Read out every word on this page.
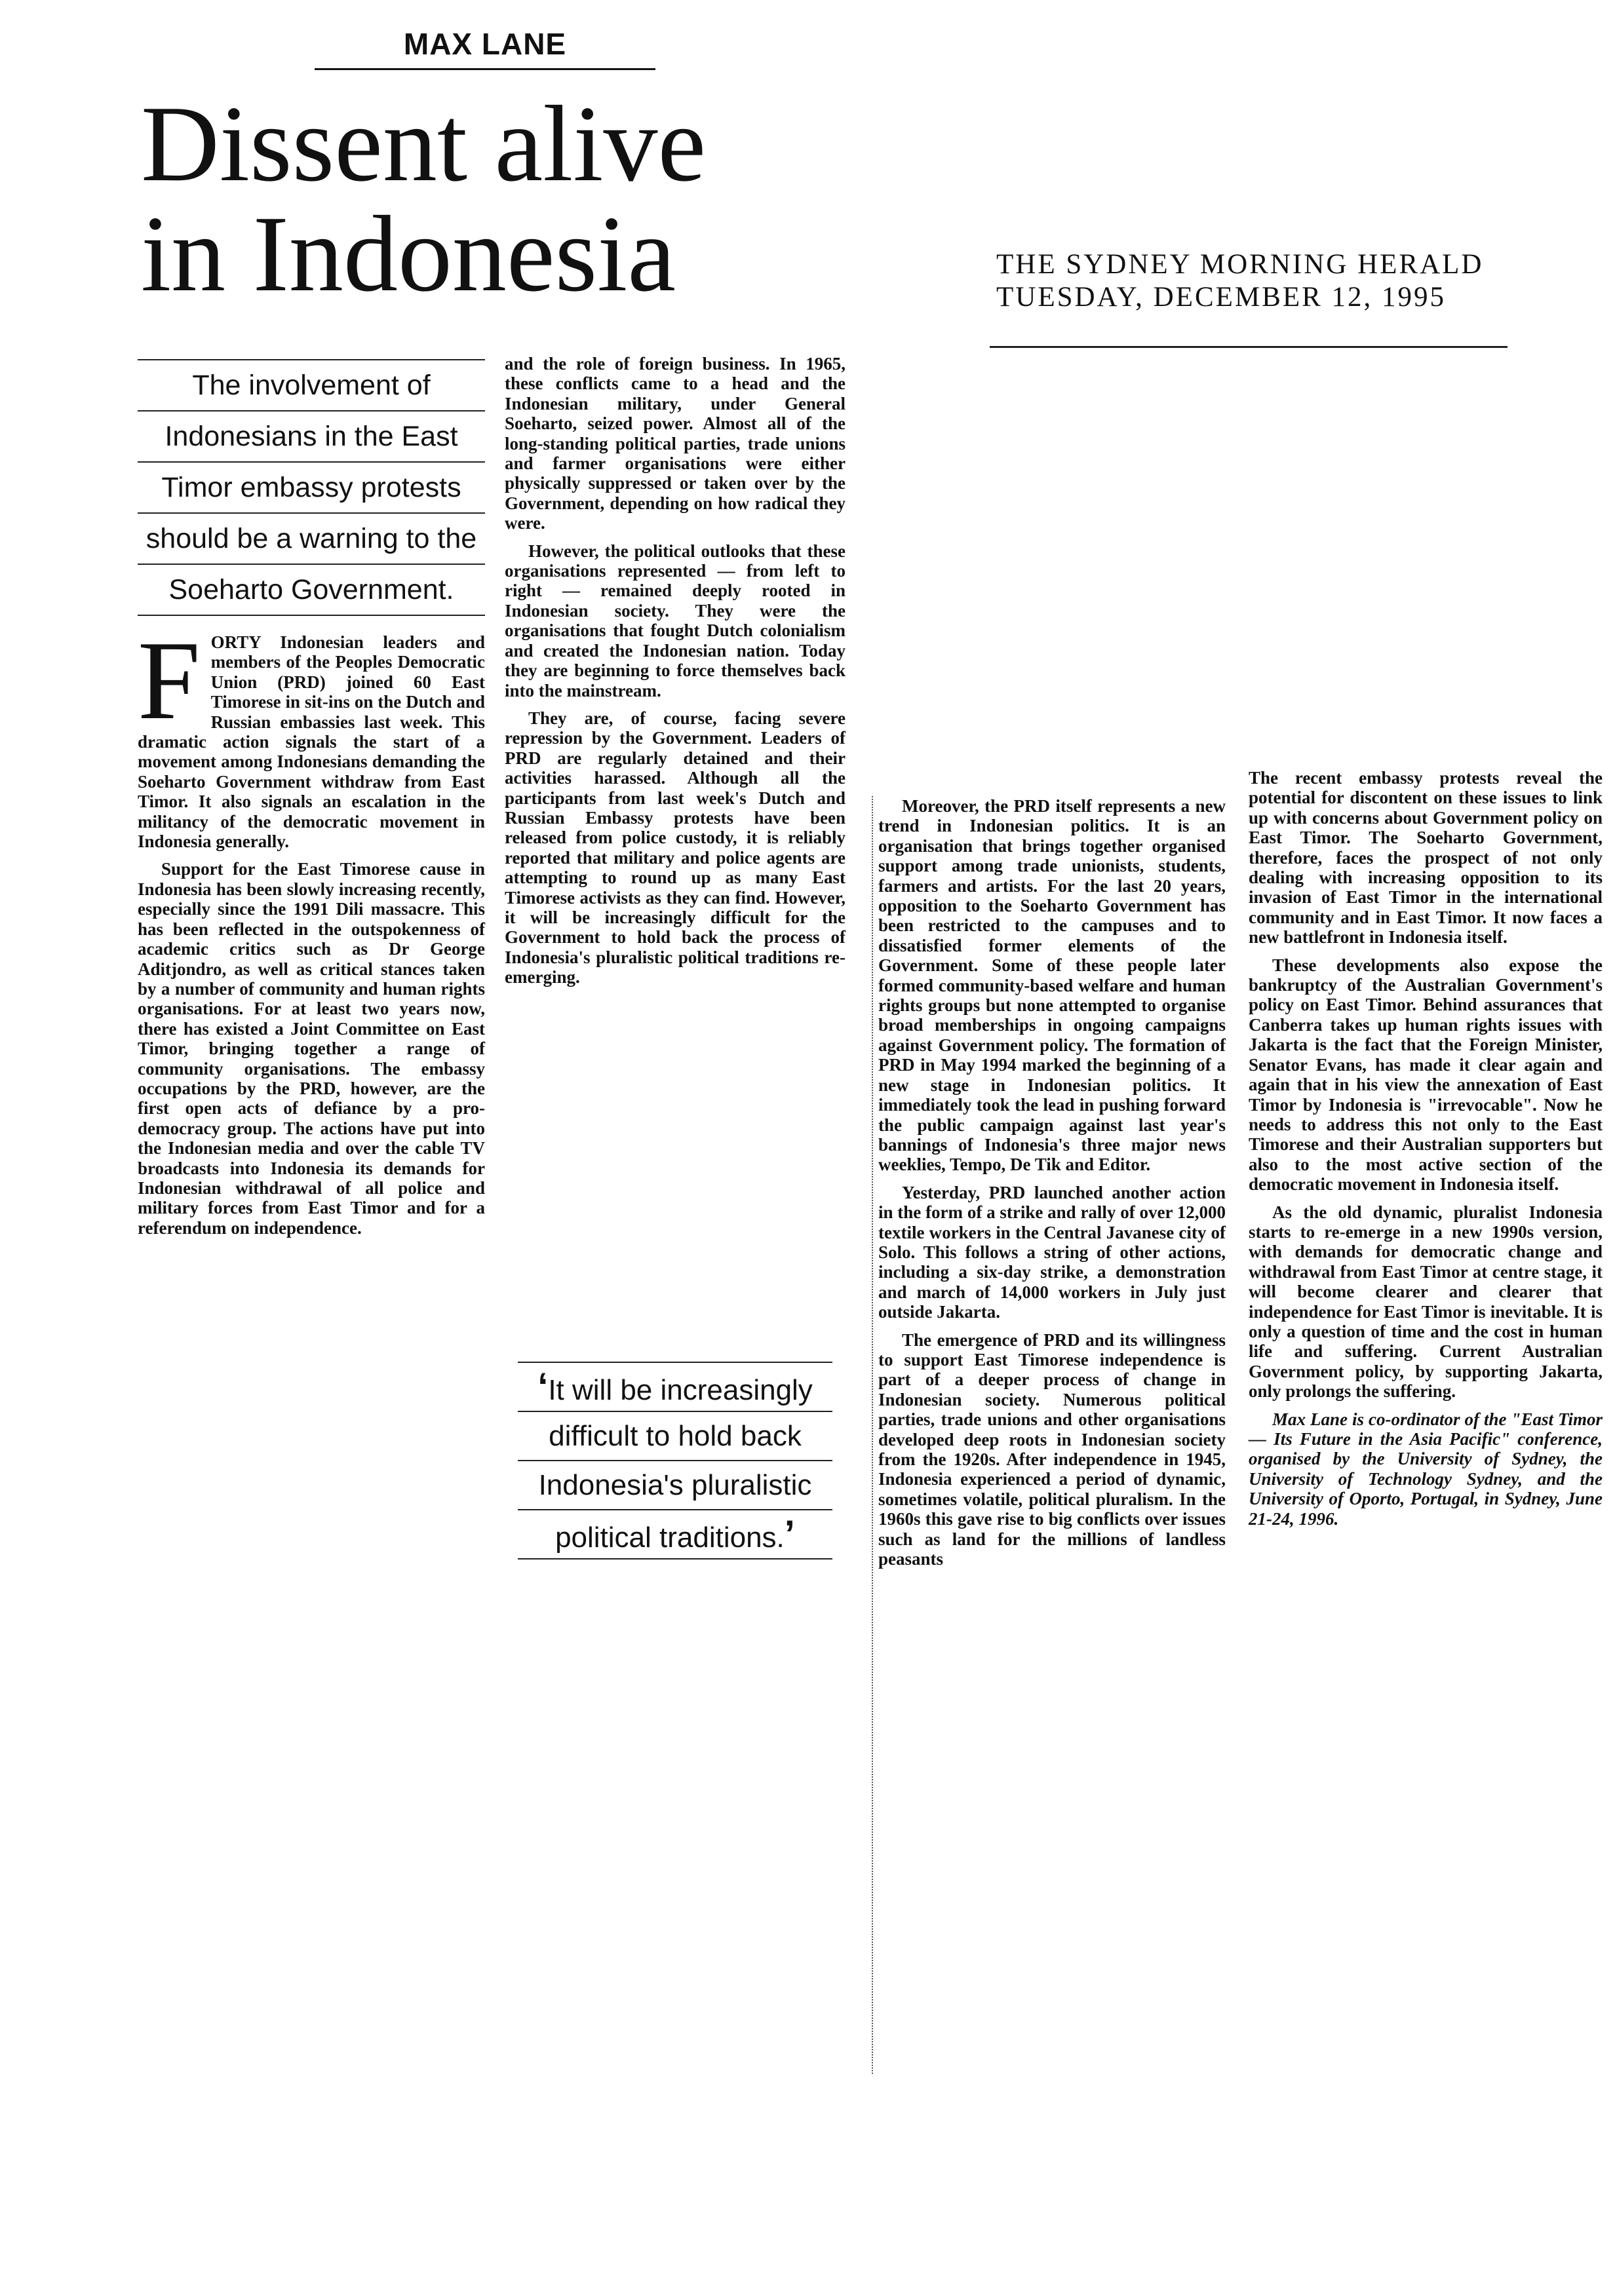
MAX LANE
Dissent alive
in Indonesia	THE SYDNEY MORNING HERALD
TUESDAY, DECEMBER 12, 1995
The involvement of
Indonesians in the East
Timor embassy protests
should be a warning to the
Soeharto Government.

FORTY Indonesian leaders and members of the Peoples Democratic Union (PRD) joined 60 East Timorese in sit-ins on the Dutch and Russian embassies last week. This dramatic action signals the start of a movement among Indonesians demanding the Soeharto Government withdraw from East Timor. It also signals an escalation in the militancy of the democratic movement in Indonesia generally.

Support for the East Timorese cause in Indonesia has been slowly increasing recently, especially since the 1991 Dili massacre. This has been reflected in the outspokenness of academic critics such as Dr George Aditjondro, as well as critical stances taken by a number of community and human rights organisations. For at least two years now, there has existed a Joint Committee on East Timor, bringing together a range of community organisations. The embassy occupations by the PRD, however, are the first open acts of defiance by a pro-democracy group. The actions have put into the Indonesian media and over the cable TV broadcasts into Indonesia its demands for Indonesian withdrawal of all police and military forces from East Timor and for a referendum on independence.

and the role of foreign business. In 1965, these conflicts came to a head and the Indonesian military, under General Soeharto, seized power. Almost all of the long-standing political parties, trade unions and farmer organisations were either physically suppressed or taken over by the Government, depending on how radical they were.

However, the political outlooks that these organisations represented — from left to right — remained deeply rooted in Indonesian society. They were the organisations that fought Dutch colonialism and created the Indonesian nation. Today they are beginning to force themselves back into the mainstream.

They are, of course, facing severe repression by the Government. Leaders of PRD are regularly detained and their activities harassed. Although all the participants from last week's Dutch and Russian Embassy protests have been released from police custody, it is reliably reported that military and police agents are attempting to round up as many East Timorese activists as they can find. However, it will be increasingly difficult for the Government to hold back the process of Indonesia's pluralistic political traditions re-emerging.

‘It will be increasingly
difficult to hold back
Indonesia's pluralistic
political traditions.’

Moreover, the PRD itself represents a new trend in Indonesian politics. It is an organisation that brings together organised support among trade unionists, students, farmers and artists. For the last 20 years, opposition to the Soeharto Government has been restricted to the campuses and to dissatisfied former elements of the Government. Some of these people later formed community-based welfare and human rights groups but none attempted to organise broad memberships in ongoing campaigns against Government policy. The formation of PRD in May 1994 marked the beginning of a new stage in Indonesian politics. It immediately took the lead in pushing forward the public campaign against last year's bannings of Indonesia's three major news weeklies, Tempo, De Tik and Editor.

Yesterday, PRD launched another action in the form of a strike and rally of over 12,000 textile workers in the Central Javanese city of Solo. This follows a string of other actions, including a six-day strike, a demonstration and march of 14,000 workers in July just outside Jakarta.

The emergence of PRD and its willingness to support East Timorese independence is part of a deeper process of change in Indonesian society. Numerous political parties, trade unions and other organisations developed deep roots in Indonesian society from the 1920s. After independence in 1945, Indonesia experienced a period of dynamic, sometimes volatile, political pluralism. In the 1960s this gave rise to big conflicts over issues such as land for the millions of landless peasants

The recent embassy protests reveal the potential for discontent on these issues to link up with concerns about Government policy on East Timor. The Soeharto Government, therefore, faces the prospect of not only dealing with increasing opposition to its invasion of East Timor in the international community and in East Timor. It now faces a new battlefront in Indonesia itself.

These developments also expose the bankruptcy of the Australian Government's policy on East Timor. Behind assurances that Canberra takes up human rights issues with Jakarta is the fact that the Foreign Minister, Senator Evans, has made it clear again and again that in his view the annexation of East Timor by Indonesia is "irrevocable". Now he needs to address this not only to the East Timorese and their Australian supporters but also to the most active section of the democratic movement in Indonesia itself.

As the old dynamic, pluralist Indonesia starts to re-emerge in a new 1990s version, with demands for democratic change and withdrawal from East Timor at centre stage, it will become clearer and clearer that independence for East Timor is inevitable. It is only a question of time and the cost in human life and suffering. Current Australian Government policy, by supporting Jakarta, only prolongs the suffering.

Max Lane is co-ordinator of the "East Timor — Its Future in the Asia Pacific" conference, organised by the University of Sydney, the University of Technology Sydney, and the University of Oporto, Portugal, in Sydney, June 21-24, 1996.
